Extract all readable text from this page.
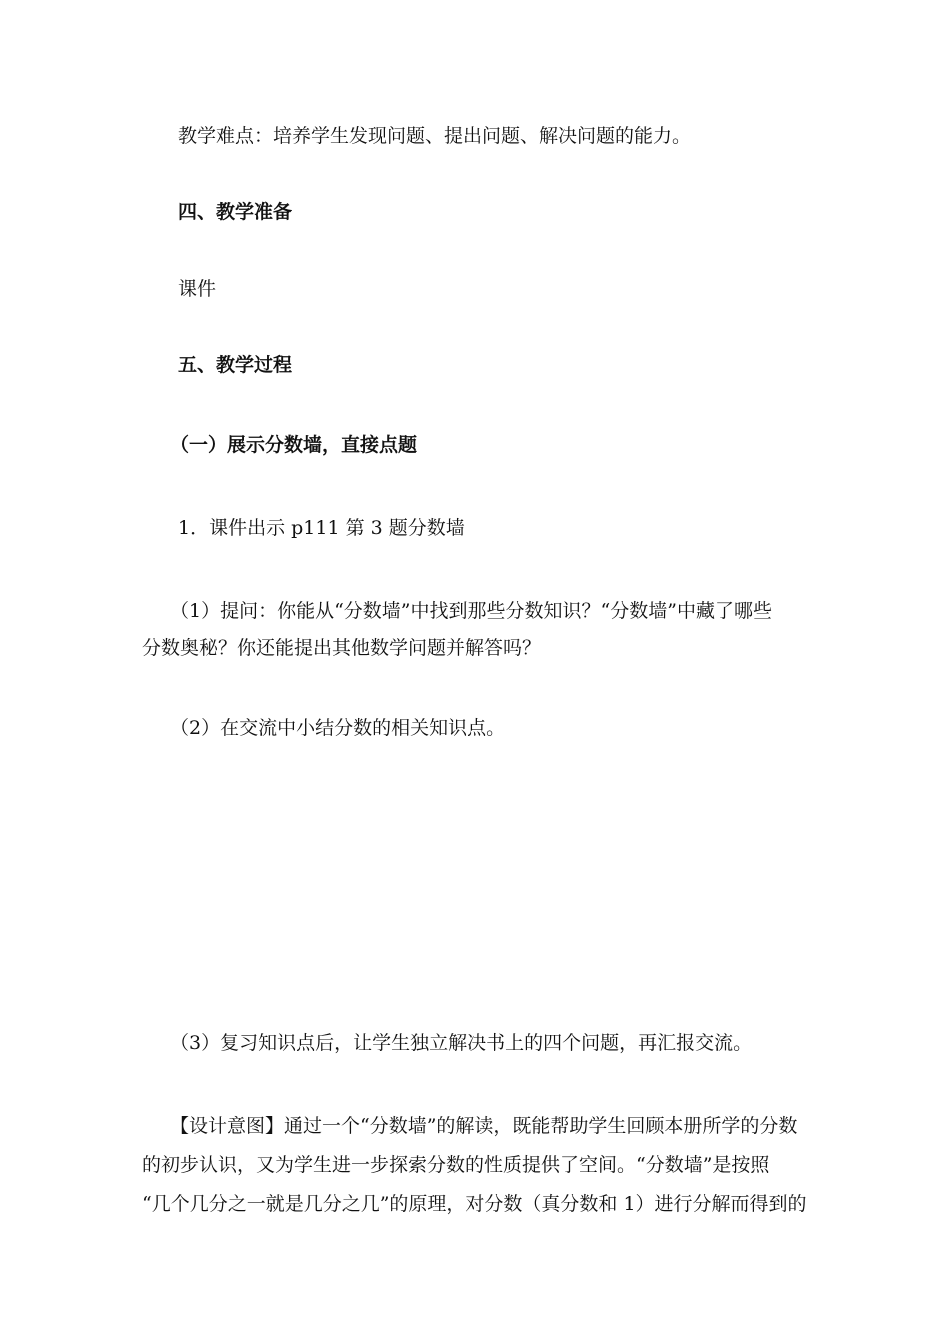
教学难点：培养学生发现问题、提出问题、解决问题的能力。

四、教学准备

课件

五、教学过程

（一）展示分数墙，直接点题

1．课件出示 p111 第 3 题分数墙

（1）提问：你能从“分数墙”中找到那些分数知识？“分数墙”中藏了哪些

分数奥秘？你还能提出其他数学问题并解答吗？

（2）在交流中小结分数的相关知识点。

（3）复习知识点后，让学生独立解决书上的四个问题，再汇报交流。

【设计意图】通过一个“分数墙”的解读，既能帮助学生回顾本册所学的分数

的初步认识，又为学生进一步探索分数的性质提供了空间。“分数墙”是按照

“几个几分之一就是几分之几”的原理，对分数（真分数和 1）进行分解而得到的
